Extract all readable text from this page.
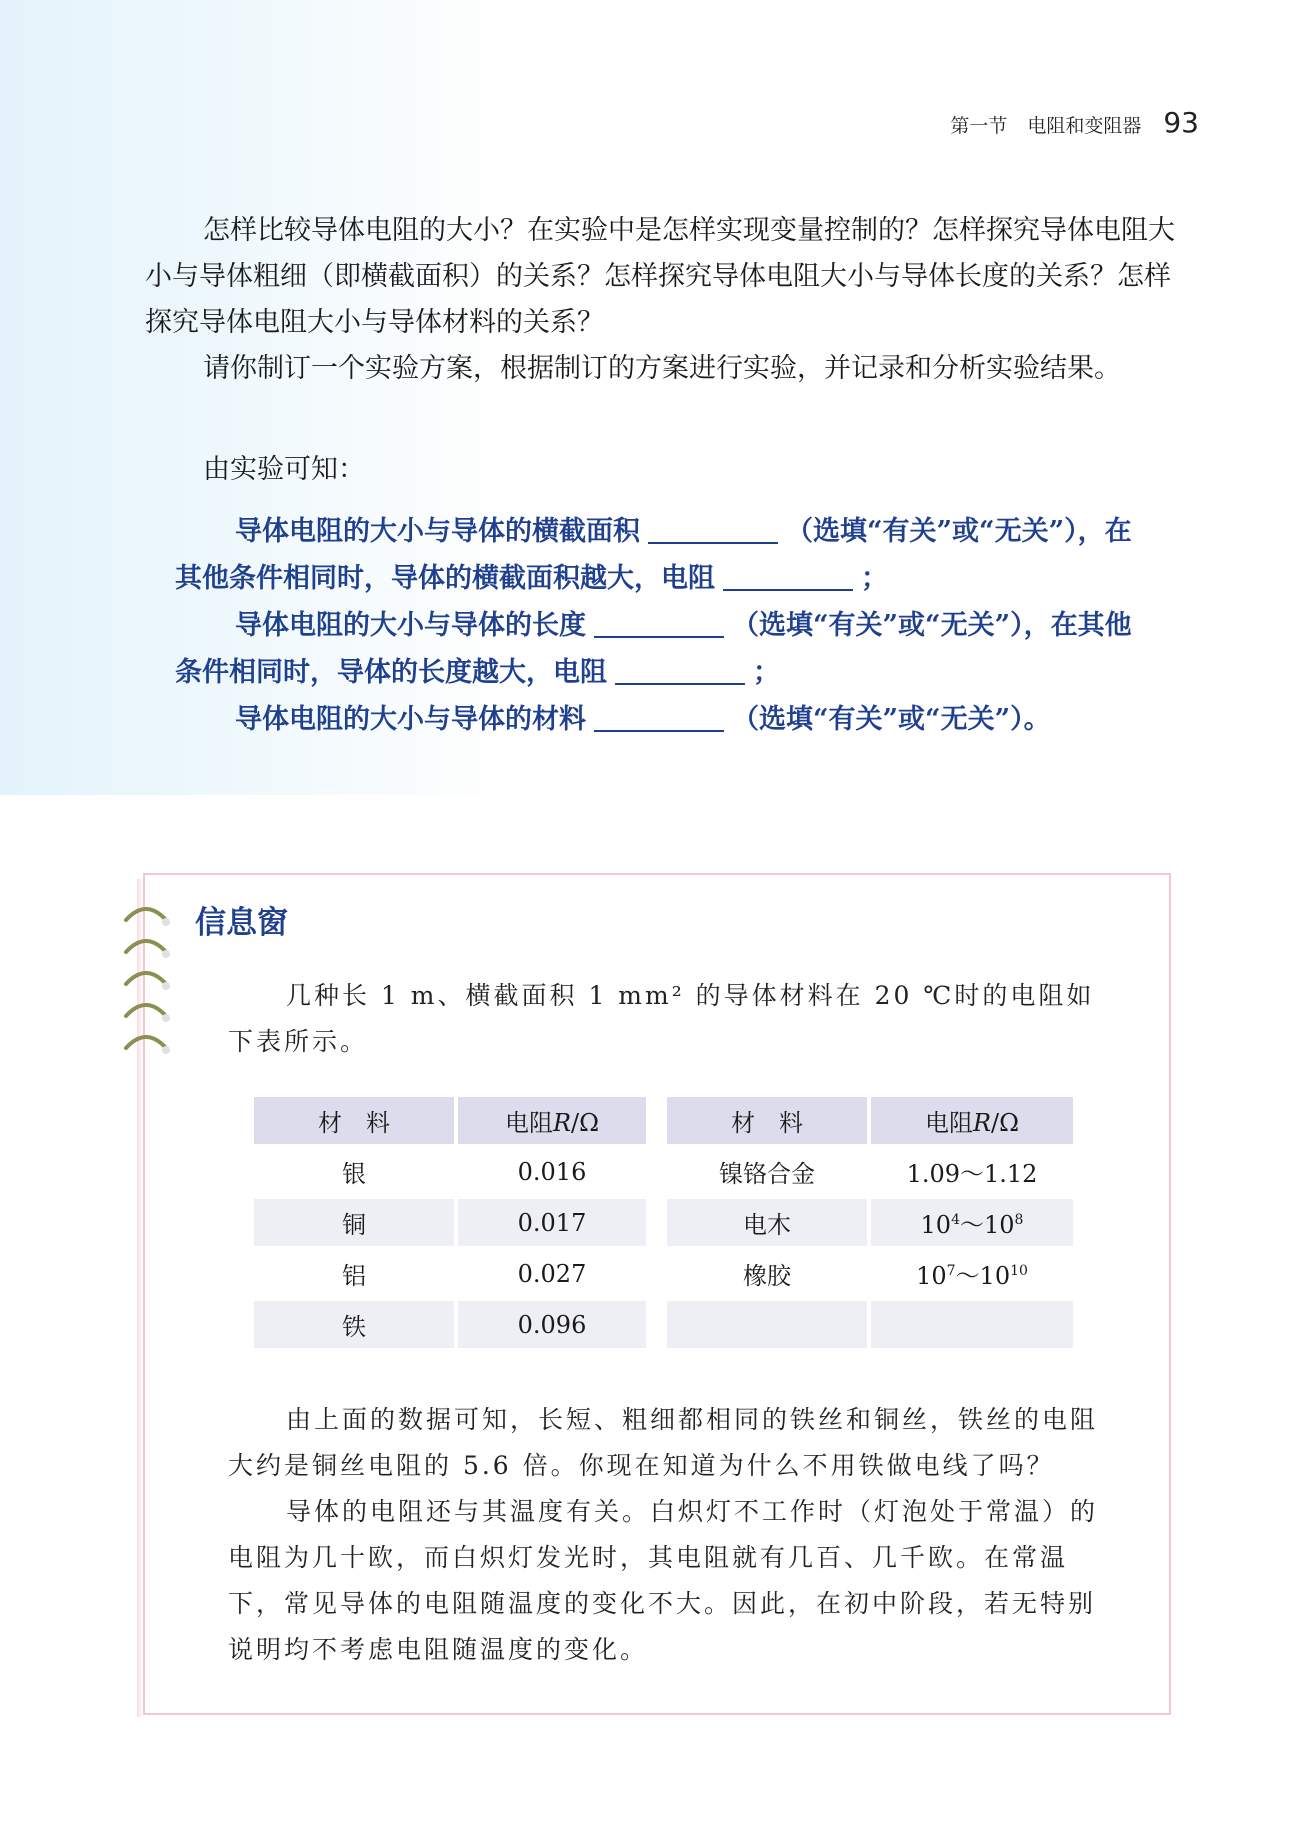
第一节 电阻和变阻器 93

怎样比较导体电阻的大小？在实验中是怎样实现变量控制的？怎样探究导体电阻大小与导体粗细（即横截面积）的关系？怎样探究导体电阻大小与导体长度的关系？怎样探究导体电阻大小与导体材料的关系？

请你制订一个实验方案，根据制订的方案进行实验，并记录和分析实验结果。

由实验可知：

导体电阻的大小与导体的横截面积	（选填“有关”或“无关”），在其他条件相同时，导体的横截面积越大，电阻	；

导体电阻的大小与导体的长度	（选填“有关”或“无关”），在其他条件相同时，导体的长度越大，电阻	；

导体电阻的大小与导体的材料	（选填“有关”或“无关”）。

信息窗

几种长 1 m、横截面积 1 mm² 的导体材料在 20 ℃时的电阻如下表所示。

材　料		电阻R/Ω
银		0.016
铜		0.017
铝		0.027
铁		0.096
材　料		电阻R/Ω
镍铬合金		1.09～1.12
电木		$10^4\sim 10^8$
橡胶		$10^7\sim 10^{10}$

由上面的数据可知，长短、粗细都相同的铁丝和铜丝，铁丝的电阻大约是铜丝电阻的 5.6 倍。你现在知道为什么不用铁做电线了吗？

导体的电阻还与其温度有关。白炽灯不工作时（灯泡处于常温）的电阻为几十欧，而白炽灯发光时，其电阻就有几百、几千欧。在常温下，常见导体的电阻随温度的变化不大。因此，在初中阶段，若无特别说明均不考虑电阻随温度的变化。
